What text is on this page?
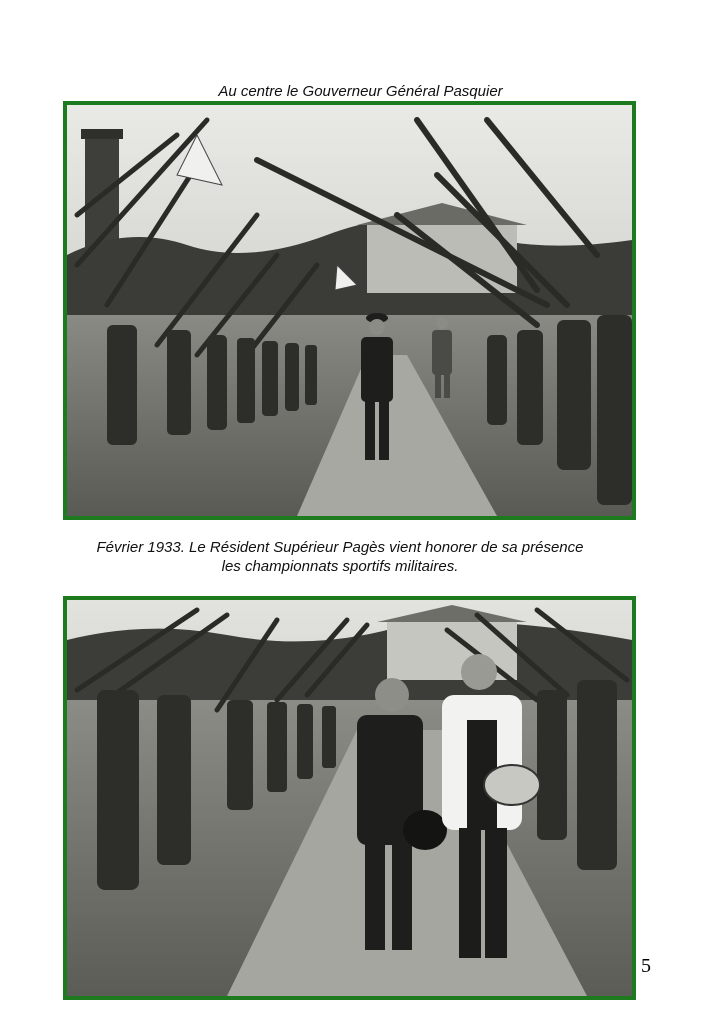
Au centre le Gouverneur Général Pasquier
Février 1933. Le Résident Supérieur Pagès vient honorer de sa présence
les championnats sportifs militaires.
5
